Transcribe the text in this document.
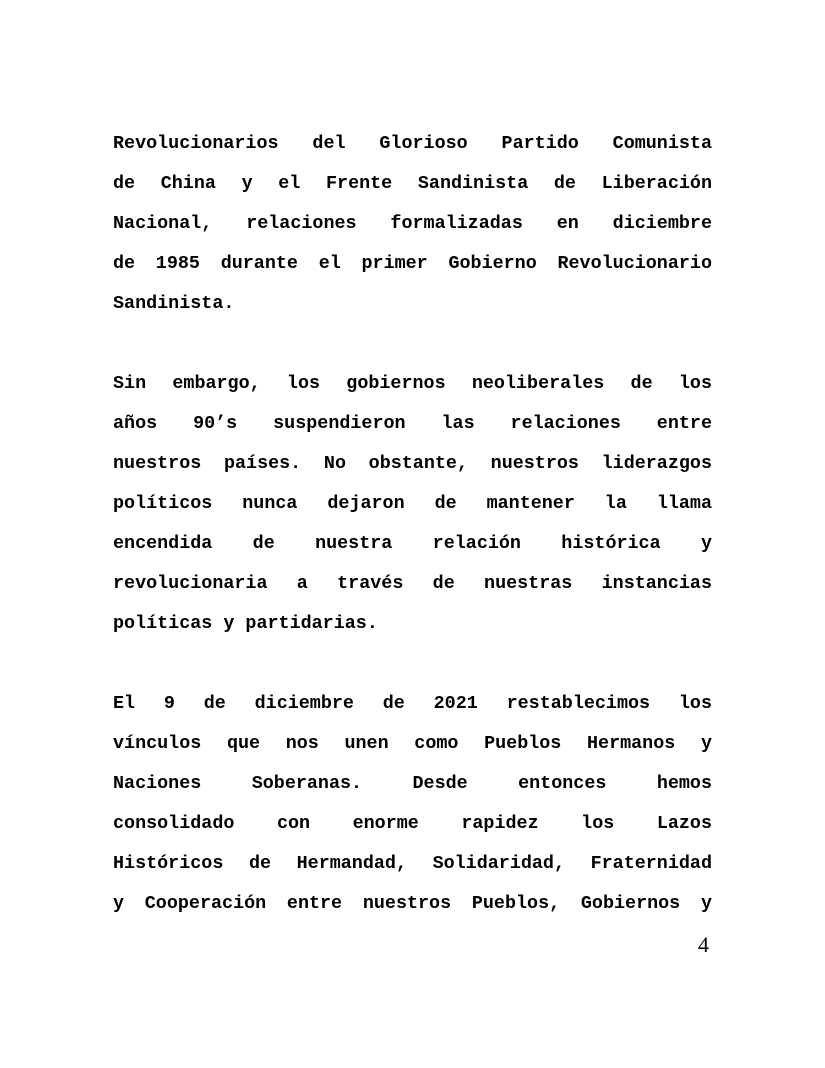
Revolucionarios del Glorioso Partido Comunista
de China y el Frente Sandinista de Liberación
Nacional, relaciones formalizadas en diciembre
de 1985 durante el primer Gobierno Revolucionario
Sandinista.
Sin embargo, los gobiernos neoliberales de los
años 90’s suspendieron las relaciones entre
nuestros países. No obstante, nuestros liderazgos
políticos nunca dejaron de mantener la llama
encendida de nuestra relación histórica y
revolucionaria a través de nuestras instancias
políticas y partidarias.
El 9 de diciembre de 2021 restablecimos los
vínculos que nos unen como Pueblos Hermanos y
Naciones Soberanas. Desde entonces hemos
consolidado con enorme rapidez los Lazos
Históricos de Hermandad, Solidaridad, Fraternidad
y Cooperación entre nuestros Pueblos, Gobiernos y
4
